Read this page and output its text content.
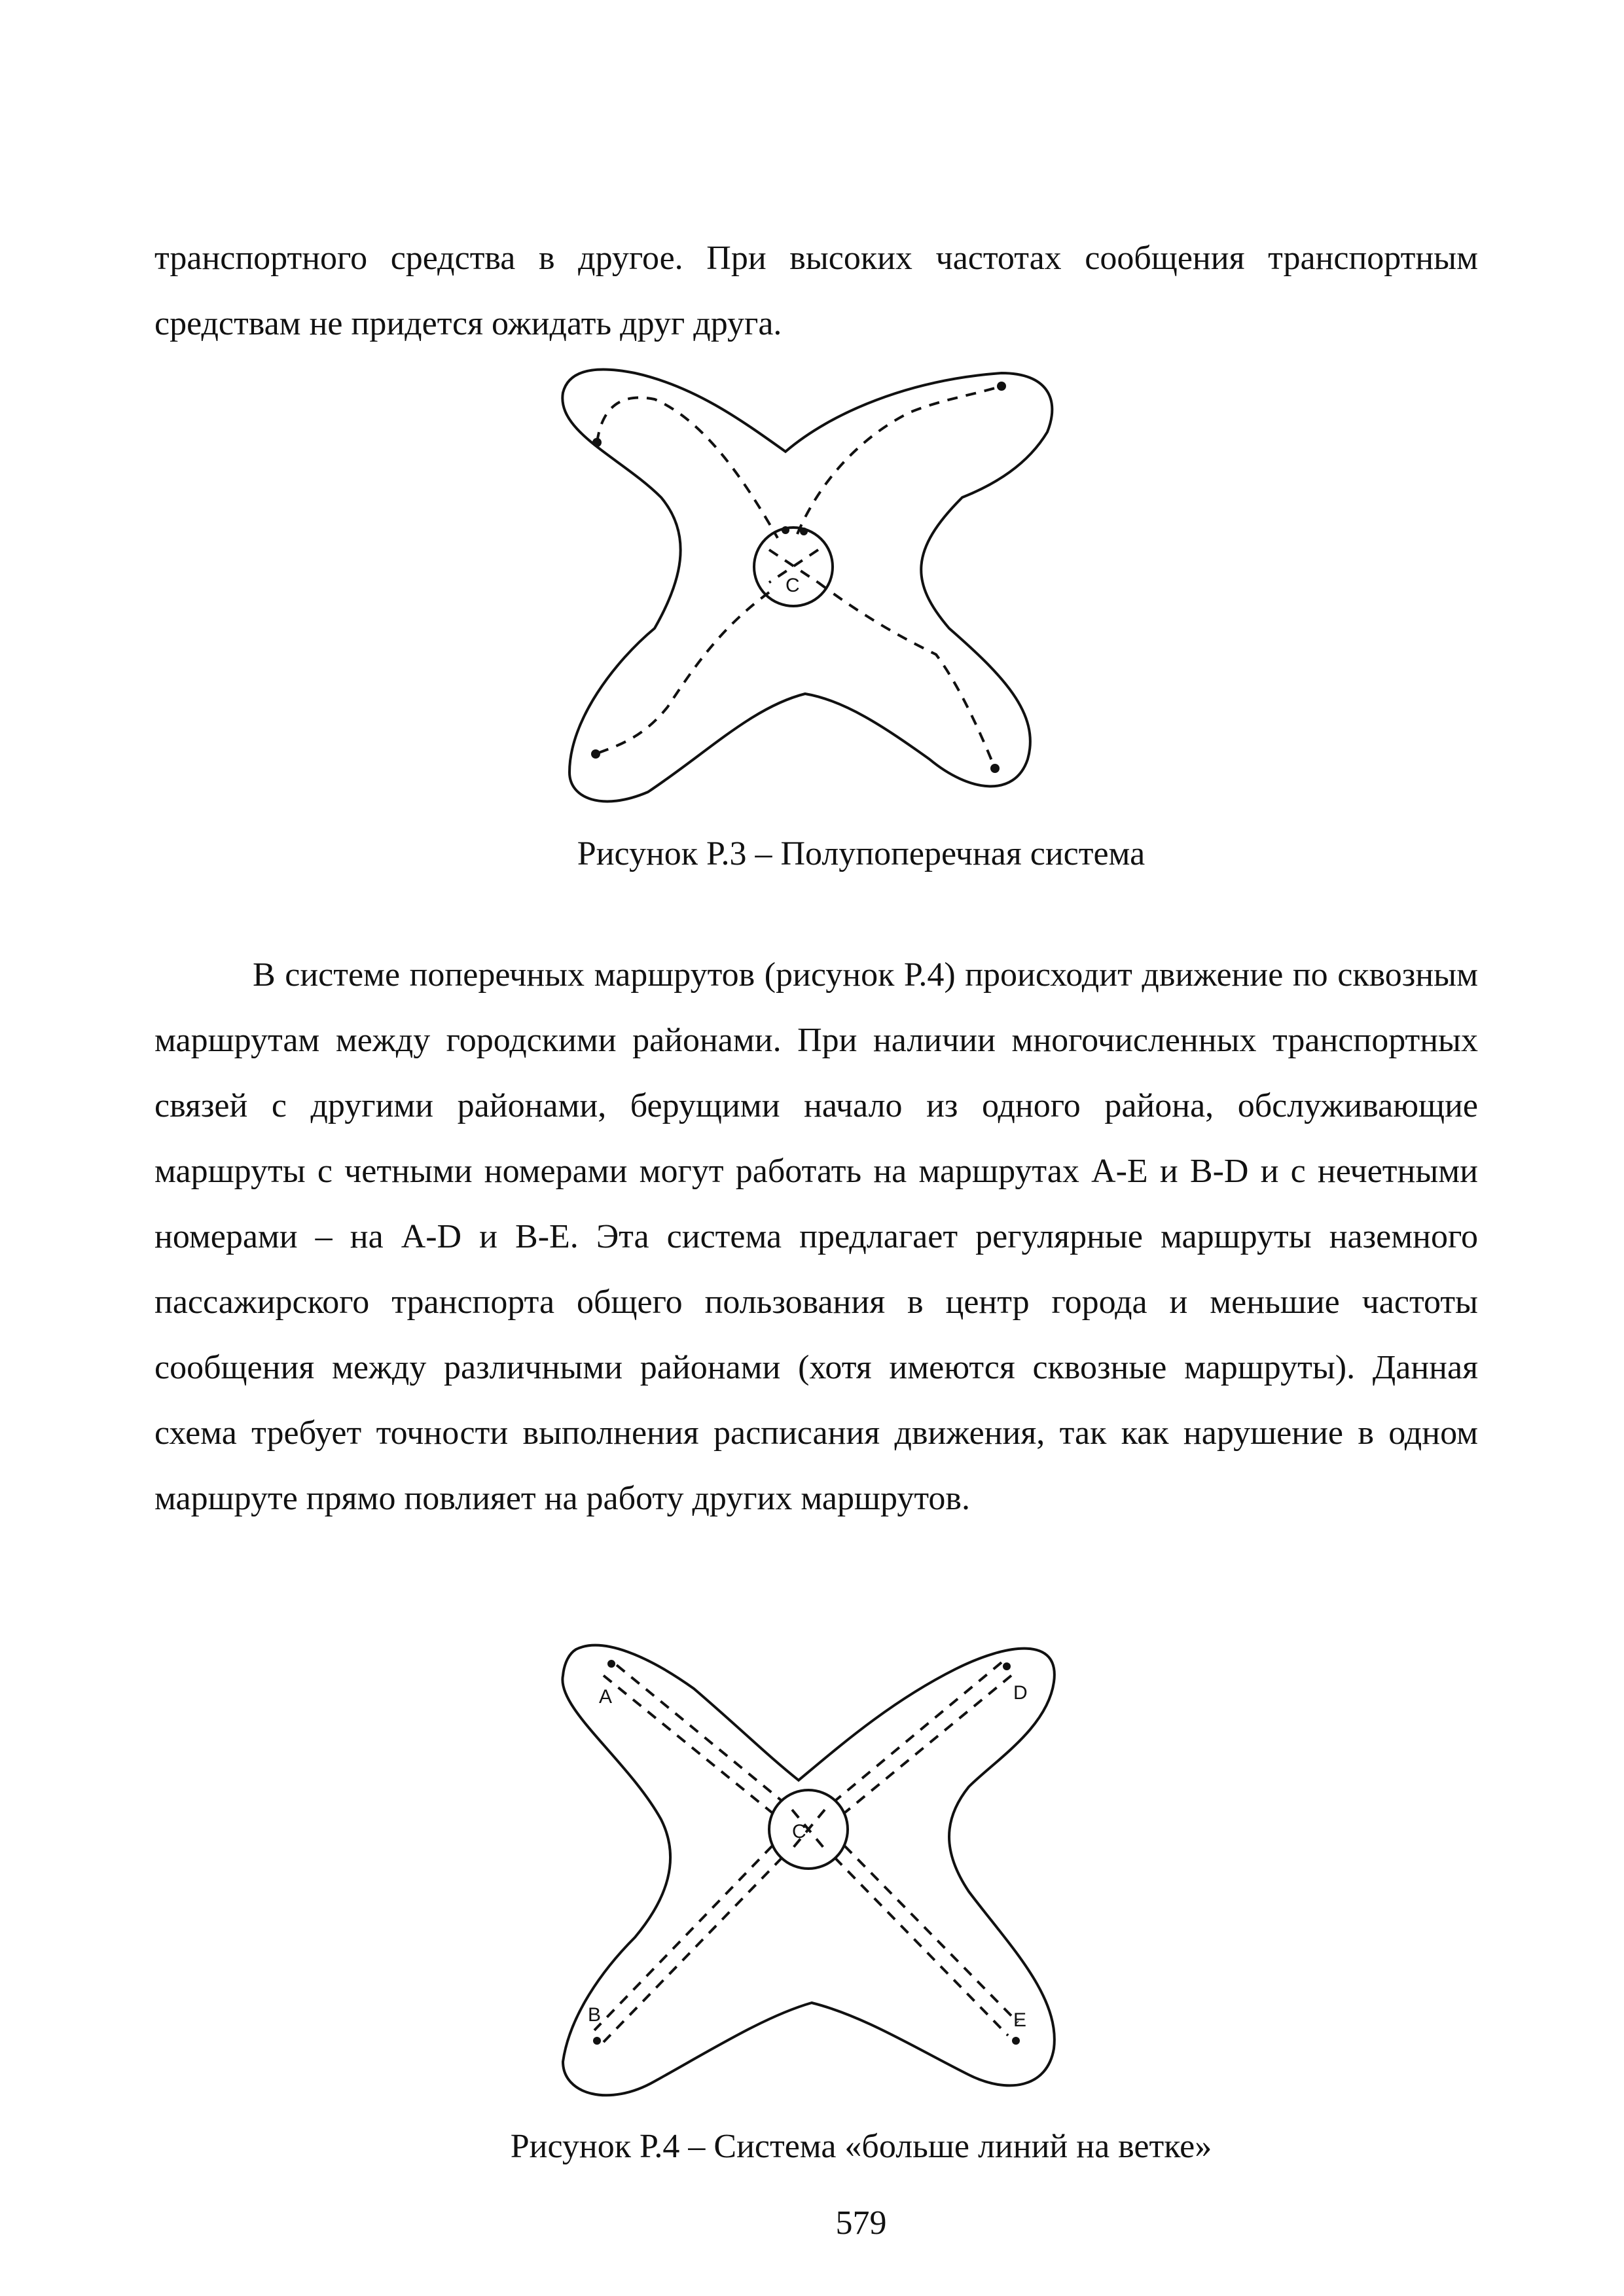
транспортного средства в другое. При высоких частотах сообщения транспортным средствам не придется ожидать друг друга.

C

Рисунок Р.3 – Полупоперечная система

В системе поперечных маршрутов (рисунок Р.4) происходит движение по сквозным маршрутам между городскими районами. При наличии многочисленных транспортных связей с другими районами, берущими начало из одного района, обслуживающие маршруты с четными номерами могут работать на маршрутах A-E и B-D и с нечетными номерами – на A-D и B-E. Эта система предлагает регулярные маршруты наземного пассажирского транспорта общего пользования в центр города и меньшие частоты сообщения между различными районами (хотя имеются сквозные маршруты). Данная схема требует точности выполнения расписания движения, так как нарушение в одном маршруте прямо повлияет на работу других маршрутов.

C
A	D
B	E

Рисунок Р.4 – Система «больше линий на ветке»

579
